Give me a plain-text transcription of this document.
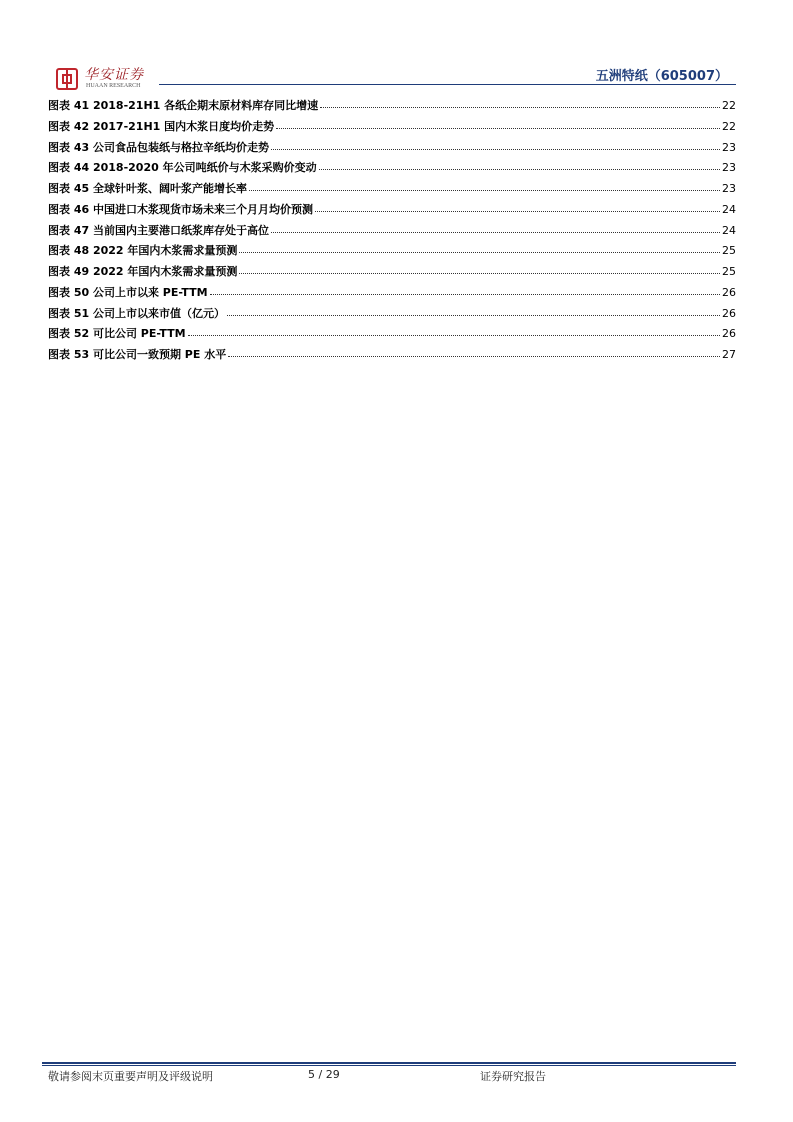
华安证券
HUAAN RESEARCH
五洲特纸（605007）
图表 41 2018-21H1 各纸企期末原材料库存同比增速	22
图表 42 2017-21H1 国内木浆日度均价走势	22
图表 43 公司食品包装纸与格拉辛纸均价走势	23
图表 44 2018-2020 年公司吨纸价与木浆采购价变动	23
图表 45 全球针叶浆、阔叶浆产能增长率	23
图表 46 中国进口木浆现货市场未来三个月月均价预测	24
图表 47 当前国内主要港口纸浆库存处于高位	24
图表 48 2022 年国内木浆需求量预测	25
图表 49 2022 年国内木浆需求量预测	25
图表 50 公司上市以来 PE-TTM	26
图表 51 公司上市以来市值（亿元）	26
图表 52 可比公司 PE-TTM	26
图表 53 可比公司一致预期 PE 水平	27
敬请参阅末页重要声明及评级说明	5 / 29	证券研究报告
